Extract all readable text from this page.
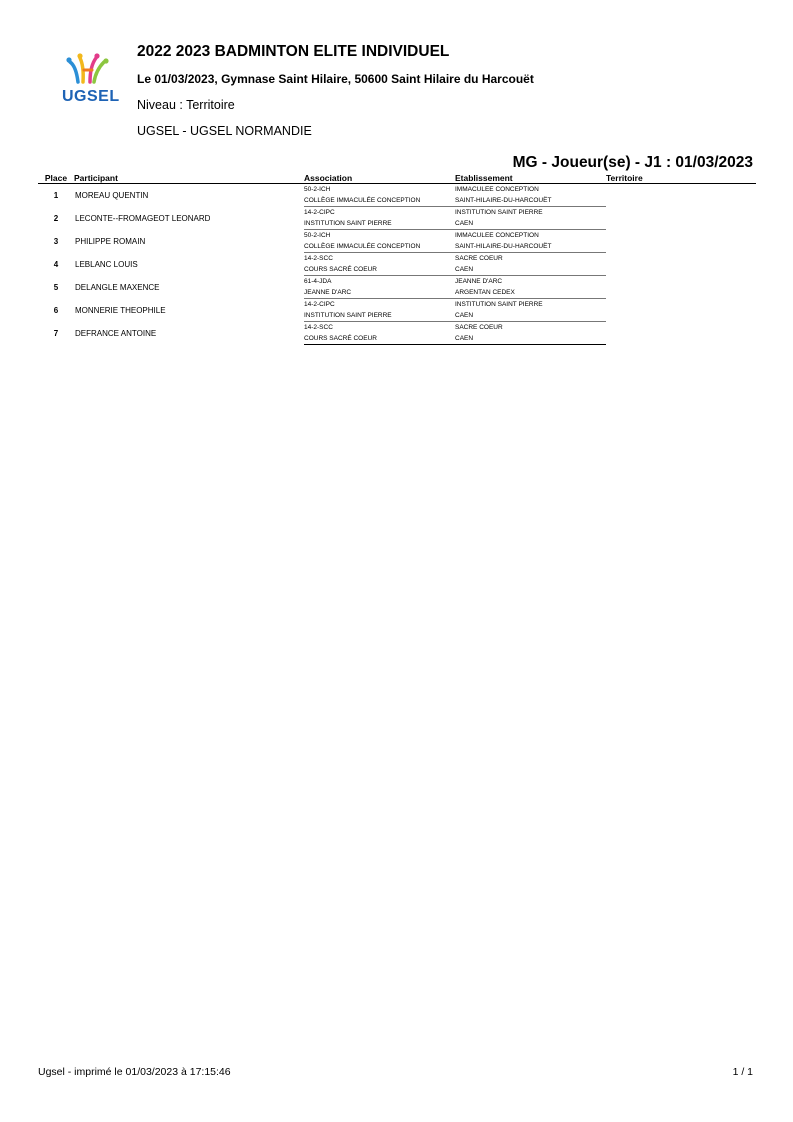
UGSEL
2022 2023 BADMINTON ELITE INDIVIDUEL
Le 01/03/2023, Gymnase Saint Hilaire, 50600 Saint Hilaire du Harcouët
Niveau : Territoire
UGSEL - UGSEL NORMANDIE
MG - Joueur(se) - J1 : 01/03/2023
Place	Participant	Association	Etablissement	Territoire
1	MOREAU QUENTIN	50-2-ICH	IMMACULEE CONCEPTION	
		COLLÈGE IMMACULÉE CONCEPTION	SAINT-HILAIRE-DU-HARCOUËT	
2	LECONTE--FROMAGEOT LEONARD	14-2-CIPC	INSTITUTION SAINT PIERRE	
		INSTITUTION SAINT PIERRE	CAEN	
3	PHILIPPE ROMAIN	50-2-ICH	IMMACULEE CONCEPTION	
		COLLÈGE IMMACULÉE CONCEPTION	SAINT-HILAIRE-DU-HARCOUËT	
4	LEBLANC LOUIS	14-2-SCC	SACRE COEUR	
		COURS SACRÉ COEUR	CAEN	
5	DELANGLE MAXENCE	61-4-JDA	JEANNE D'ARC	
		JEANNE D'ARC	ARGENTAN CEDEX	
6	MONNERIE THEOPHILE	14-2-CIPC	INSTITUTION SAINT PIERRE	
		INSTITUTION SAINT PIERRE	CAEN	
7	DEFRANCE ANTOINE	14-2-SCC	SACRE COEUR	
		COURS SACRÉ COEUR	CAEN	
Ugsel - imprimé le 01/03/2023 à 17:15:46	1 / 1
